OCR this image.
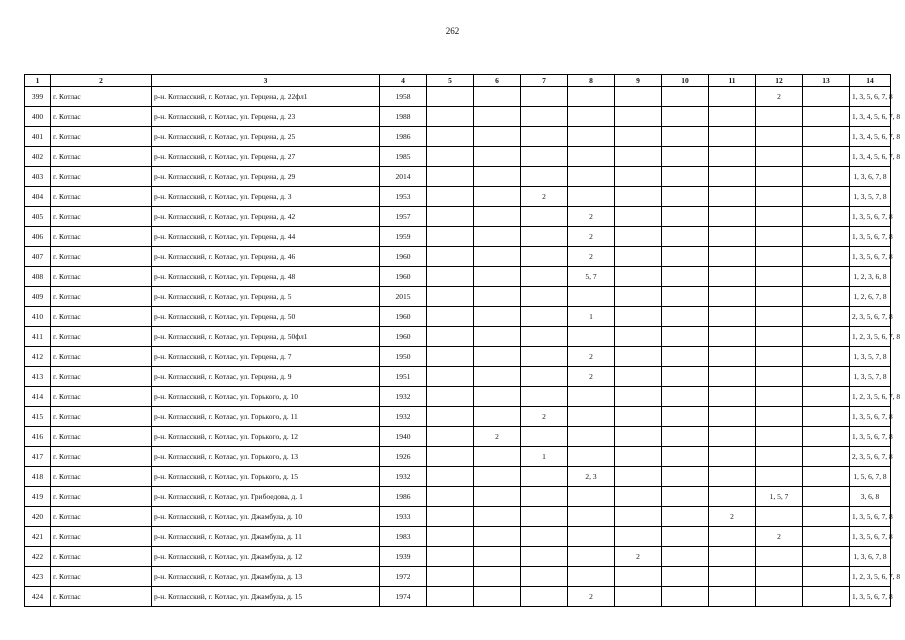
262
1	2	3	4	5	6	7	8	9	10	11	12	13	14
399	г. Котлас	р-н. Котласский, г. Котлас, ул. Герцена, д. 22фл1	1958								2		1, 3, 5, 6, 7, 8
400	г. Котлас	р-н. Котласский, г. Котлас, ул. Герцена, д. 23	1988										1, 3, 4, 5, 6, 7, 8
401	г. Котлас	р-н. Котласский, г. Котлас, ул. Герцена, д. 25	1986										1, 3, 4, 5, 6, 7, 8
402	г. Котлас	р-н. Котласский, г. Котлас, ул. Герцена, д. 27	1985										1, 3, 4, 5, 6, 7, 8
403	г. Котлас	р-н. Котласский, г. Котлас, ул. Герцена, д. 29	2014										1, 3, 6, 7, 8
404	г. Котлас	р-н. Котласский, г. Котлас, ул. Герцена, д. 3	1953			2							1, 3, 5, 7, 8
405	г. Котлас	р-н. Котласский, г. Котлас, ул. Герцена, д. 42	1957				2						1, 3, 5, 6, 7, 8
406	г. Котлас	р-н. Котласский, г. Котлас, ул. Герцена, д. 44	1959				2						1, 3, 5, 6, 7, 8
407	г. Котлас	р-н. Котласский, г. Котлас, ул. Герцена, д. 46	1960				2						1, 3, 5, 6, 7, 8
408	г. Котлас	р-н. Котласский, г. Котлас, ул. Герцена, д. 48	1960				5, 7						1, 2, 3, 6, 8
409	г. Котлас	р-н. Котласский, г. Котлас, ул. Герцена, д. 5	2015										1, 2, 6, 7, 8
410	г. Котлас	р-н. Котласский, г. Котлас, ул. Герцена, д. 50	1960				1						2, 3, 5, 6, 7, 8
411	г. Котлас	р-н. Котласский, г. Котлас, ул. Герцена, д. 50фл1	1960										1, 2, 3, 5, 6, 7, 8
412	г. Котлас	р-н. Котласский, г. Котлас, ул. Герцена, д. 7	1950				2						1, 3, 5, 7, 8
413	г. Котлас	р-н. Котласский, г. Котлас, ул. Герцена, д. 9	1951				2						1, 3, 5, 7, 8
414	г. Котлас	р-н. Котласский, г. Котлас, ул. Горького, д. 10	1932										1, 2, 3, 5, 6, 7, 8
415	г. Котлас	р-н. Котласский, г. Котлас, ул. Горького, д. 11	1932			2							1, 3, 5, 6, 7, 8
416	г. Котлас	р-н. Котласский, г. Котлас, ул. Горького, д. 12	1940		2								1, 3, 5, 6, 7, 8
417	г. Котлас	р-н. Котласский, г. Котлас, ул. Горького, д. 13	1926			1							2, 3, 5, 6, 7, 8
418	г. Котлас	р-н. Котласский, г. Котлас, ул. Горького, д. 15	1932				2, 3						1, 5, 6, 7, 8
419	г. Котлас	р-н. Котласский, г. Котлас, ул. Грибоедова, д. 1	1986								1, 5, 7		3, 6, 8
420	г. Котлас	р-н. Котласский, г. Котлас, ул. Джамбула, д. 10	1933							2			1, 3, 5, 6, 7, 8
421	г. Котлас	р-н. Котласский, г. Котлас, ул. Джамбула, д. 11	1983								2		1, 3, 5, 6, 7, 8
422	г. Котлас	р-н. Котласский, г. Котлас, ул. Джамбула, д. 12	1939					2					1, 3, 6, 7, 8
423	г. Котлас	р-н. Котласский, г. Котлас, ул. Джамбула, д. 13	1972										1, 2, 3, 5, 6, 7, 8
424	г. Котлас	р-н. Котласский, г. Котлас, ул. Джамбула, д. 15	1974				2						1, 3, 5, 6, 7, 8
